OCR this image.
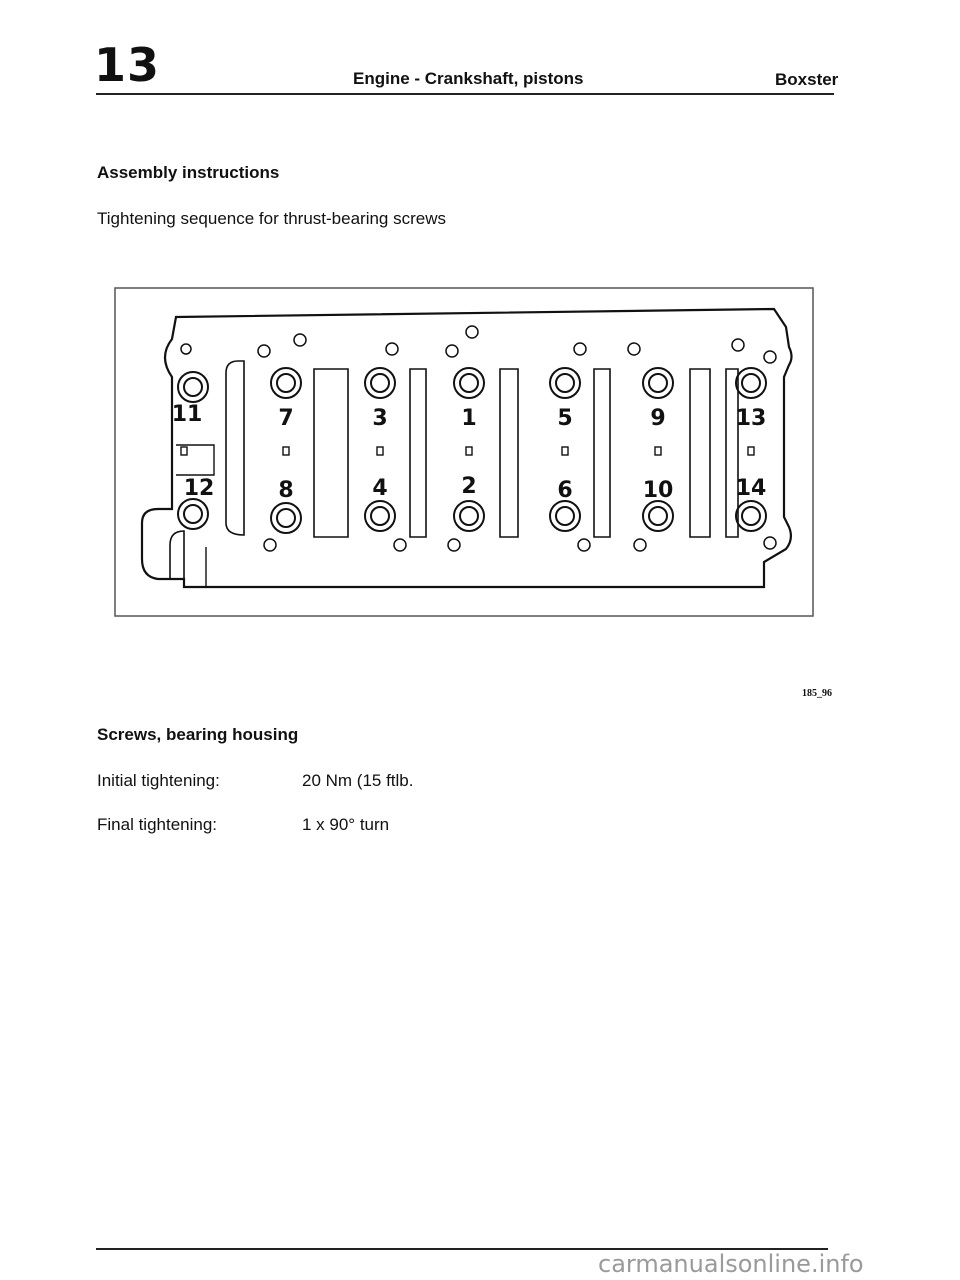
13	Engine - Crankshaft, pistons	Boxster
Assembly instructions
Tightening sequence for thrust-bearing screws
11	7	3	1	5	9	13
12	8	4	2	6	10	14
185_96
Screws, bearing housing
Initial tightening:	20 Nm (15 ftlb.
Final tightening:	1 x 90° turn
carmanualsonline.info
